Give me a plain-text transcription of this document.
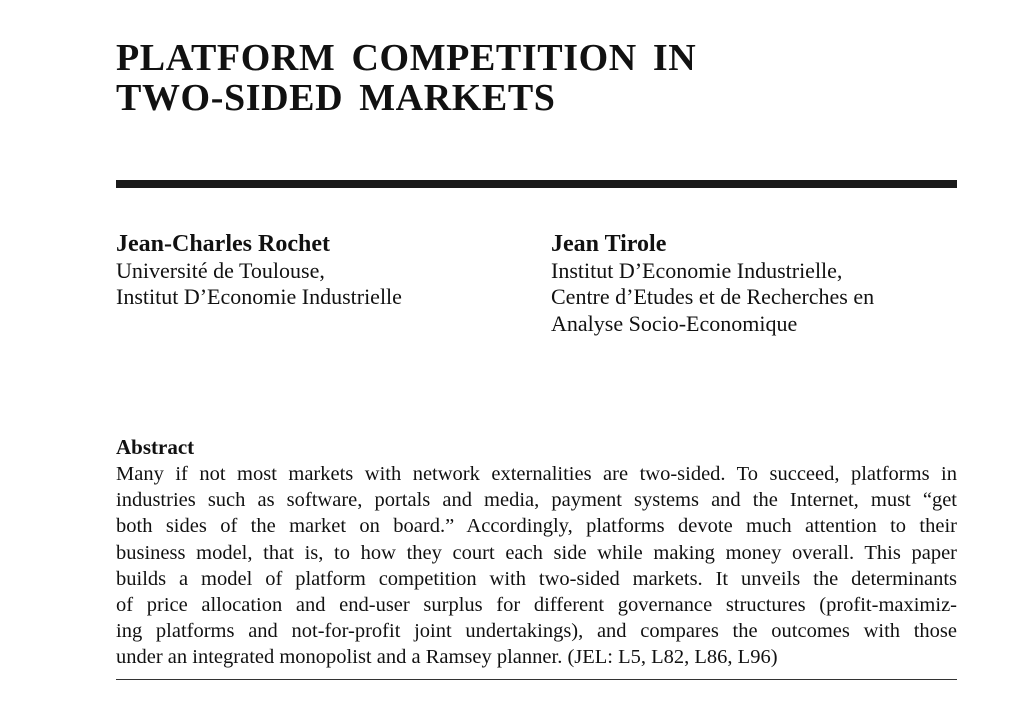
PLATFORM COMPETITION IN
TWO-SIDED MARKETS
Jean-Charles Rochet
Université de Toulouse,
Institut D’Economie Industrielle
Jean Tirole
Institut D’Economie Industrielle,
Centre d’Etudes et de Recherches en
Analyse Socio-Economique
Abstract
Many if not most markets with network externalities are two-sided. To succeed, platforms in
industries such as software, portals and media, payment systems and the Internet, must “get
both sides of the market on board.” Accordingly, platforms devote much attention to their
business model, that is, to how they court each side while making money overall. This paper
builds a model of platform competition with two-sided markets. It unveils the determinants
of price allocation and end-user surplus for different governance structures (profit-maximiz-
ing platforms and not-for-profit joint undertakings), and compares the outcomes with those
under an integrated monopolist and a Ramsey planner. (JEL: L5, L82, L86, L96)
